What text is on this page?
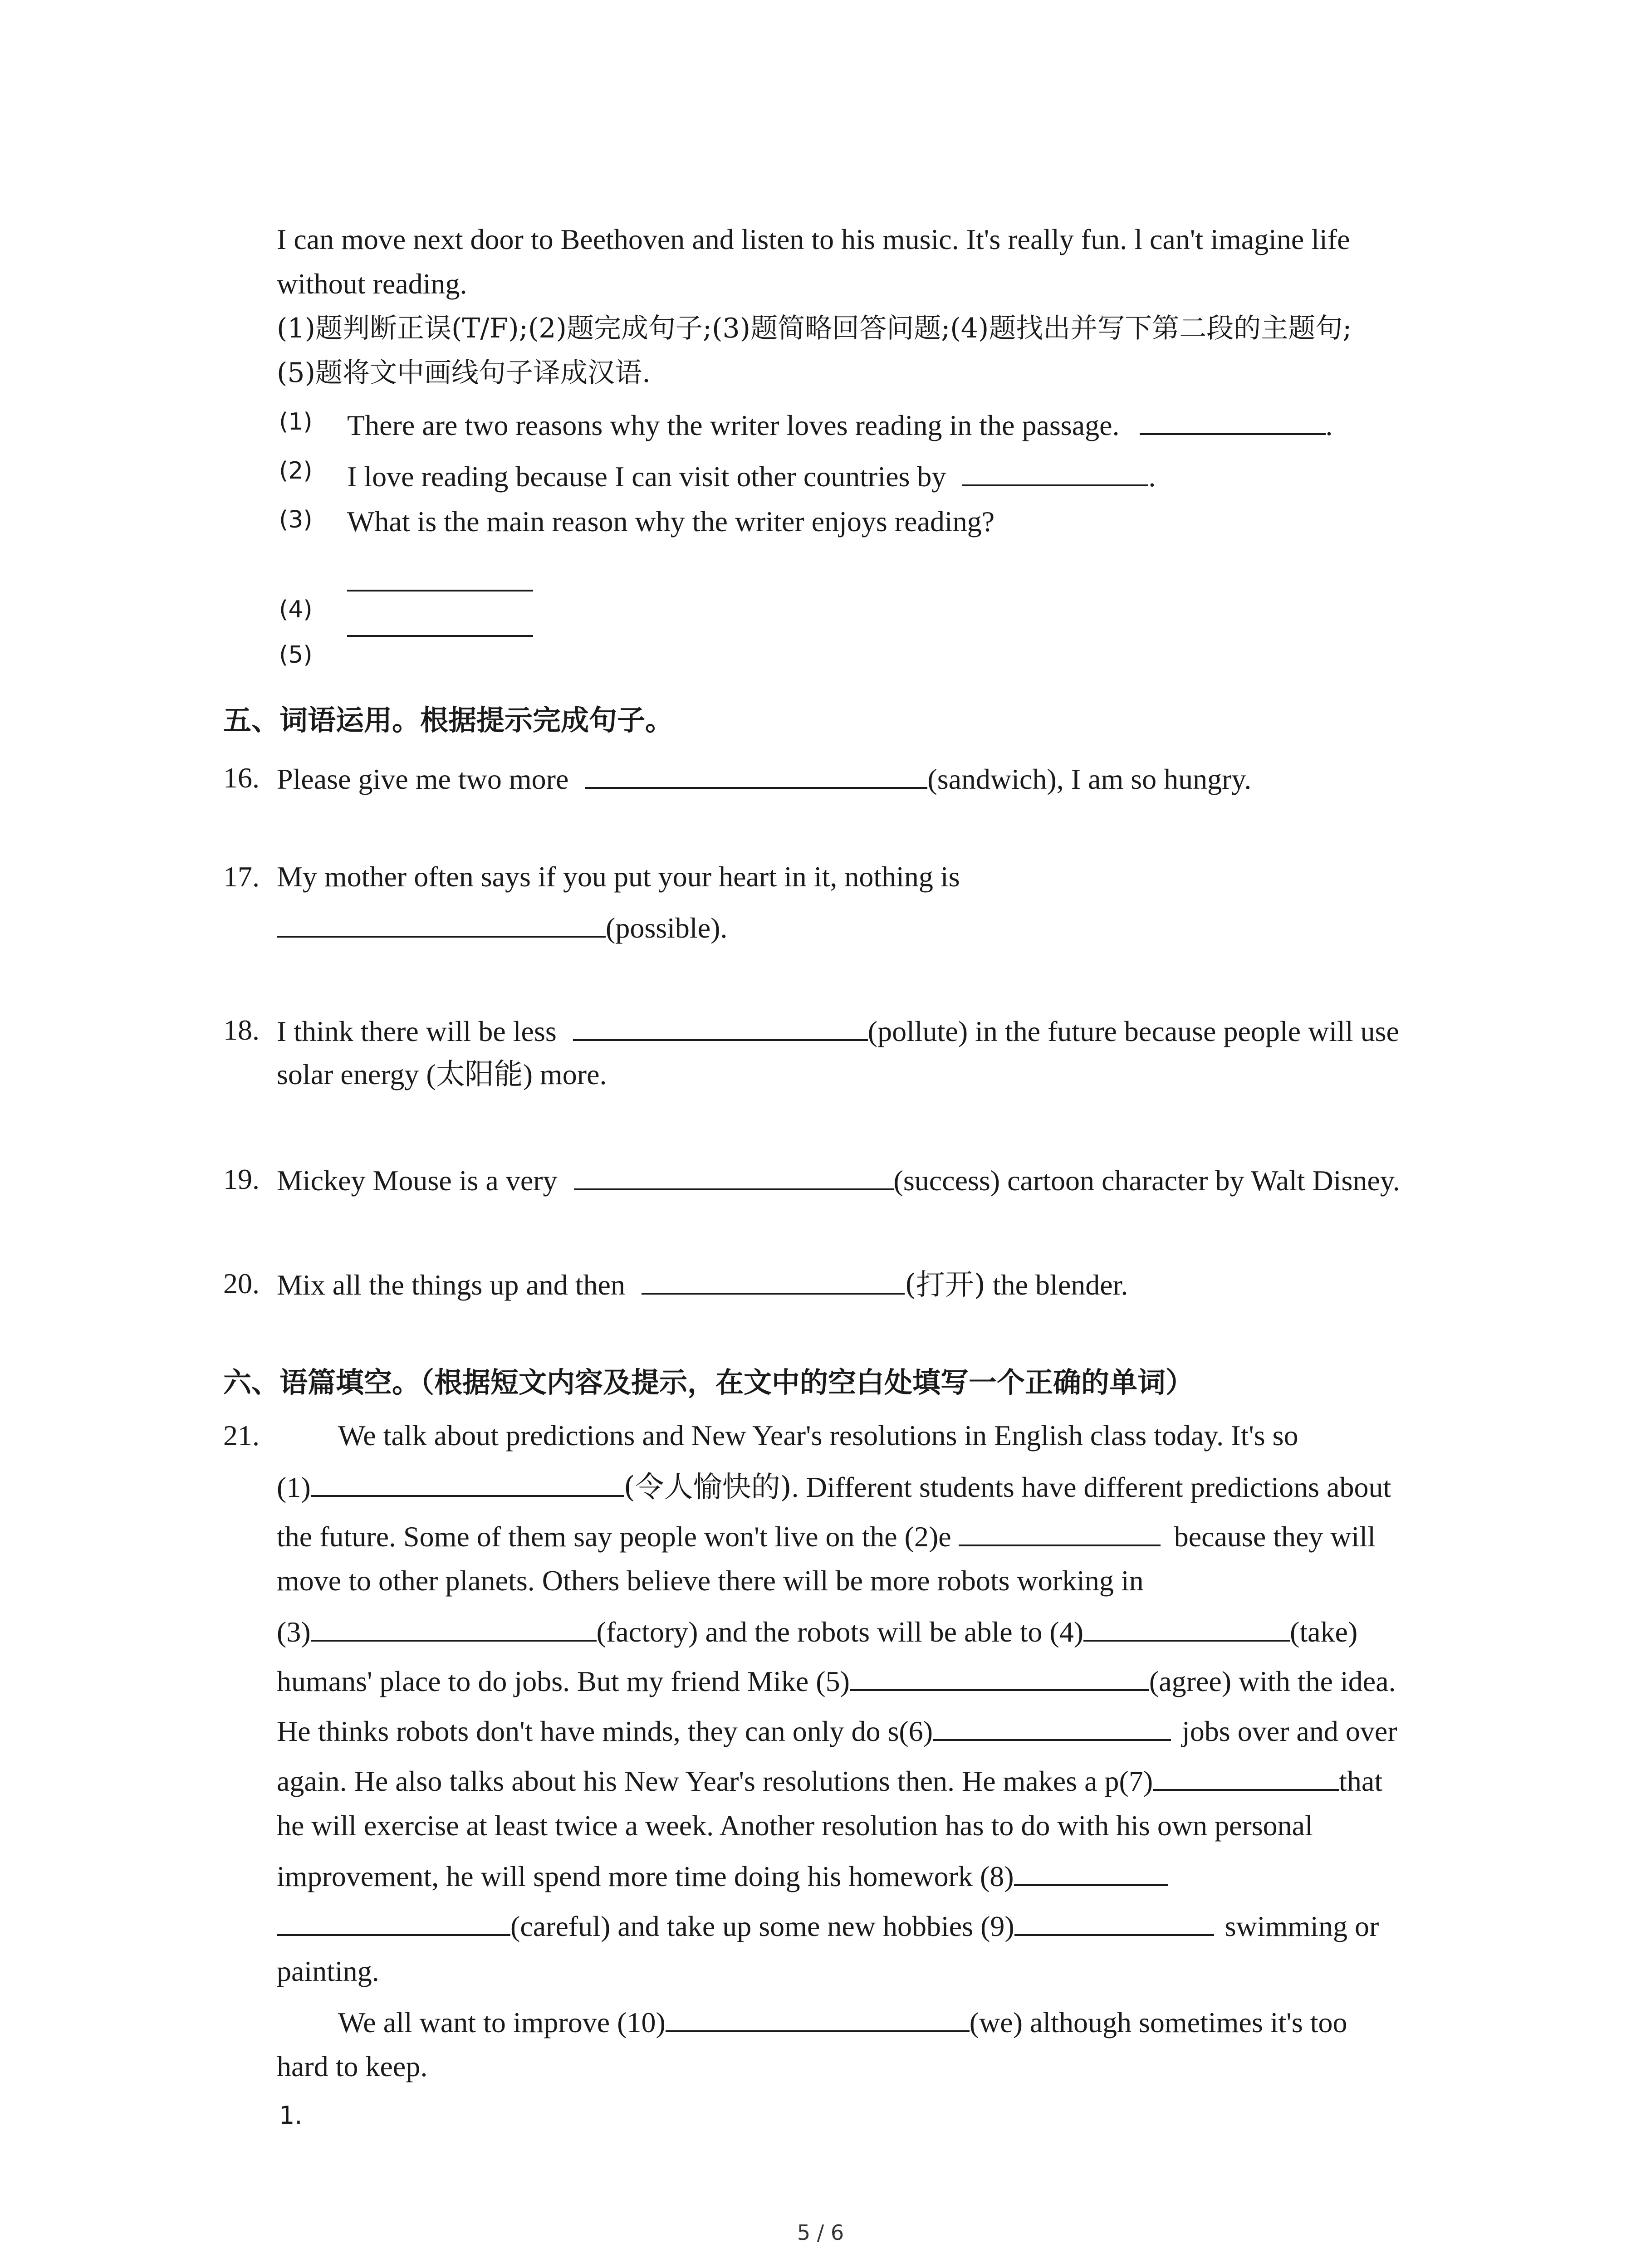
I can move next door to Beethoven and listen to his music. It's really fun. l can't imagine life
without reading.
(1)题判断正误(T/F);(2)题完成句子;(3)题简略回答问题;(4)题找出并写下第二段的主题句;
(5)题将文中画线句子译成汉语.
(1) There are two reasons why the writer loves reading in the passage.	.
(2) I love reading because I can visit other countries by	.
(3) What is the main reason why the writer enjoys reading?
(4)
(5)
五、词语运用。根据提示完成句子。
16. Please give me two more	(sandwich), I am so hungry.
17. My mother often says if you put your heart in it, nothing is
(possible).
18. I think there will be less	(pollute) in the future because people will use
solar energy (太阳能) more.
19. Mickey Mouse is a very	(success) cartoon character by Walt Disney.
20. Mix all the things up and then	(打开) the blender.
六、语篇填空。（根据短文内容及提示，在文中的空白处填写一个正确的单词）
21.	We talk about predictions and New Year's resolutions in English class today. It's so
(1)	(令人愉快的). Different students have different predictions about
the future. Some of them say people won't live on the (2)e	because they will
move to other planets. Others believe there will be more robots working in
(3)	(factory) and the robots will be able to (4)	(take)
humans' place to do jobs. But my friend Mike (5)	(agree) with the idea.
He thinks robots don't have minds, they can only do s(6)	jobs over and over
again. He also talks about his New Year's resolutions then. He makes a p(7)	that
he will exercise at least twice a week. Another resolution has to do with his own personal
improvement, he will spend more time doing his homework (8)
(careful) and take up some new hobbies (9)	swimming or
painting.
We all want to improve (10)	(we) although sometimes it's too
hard to keep.
1.
5 / 6
